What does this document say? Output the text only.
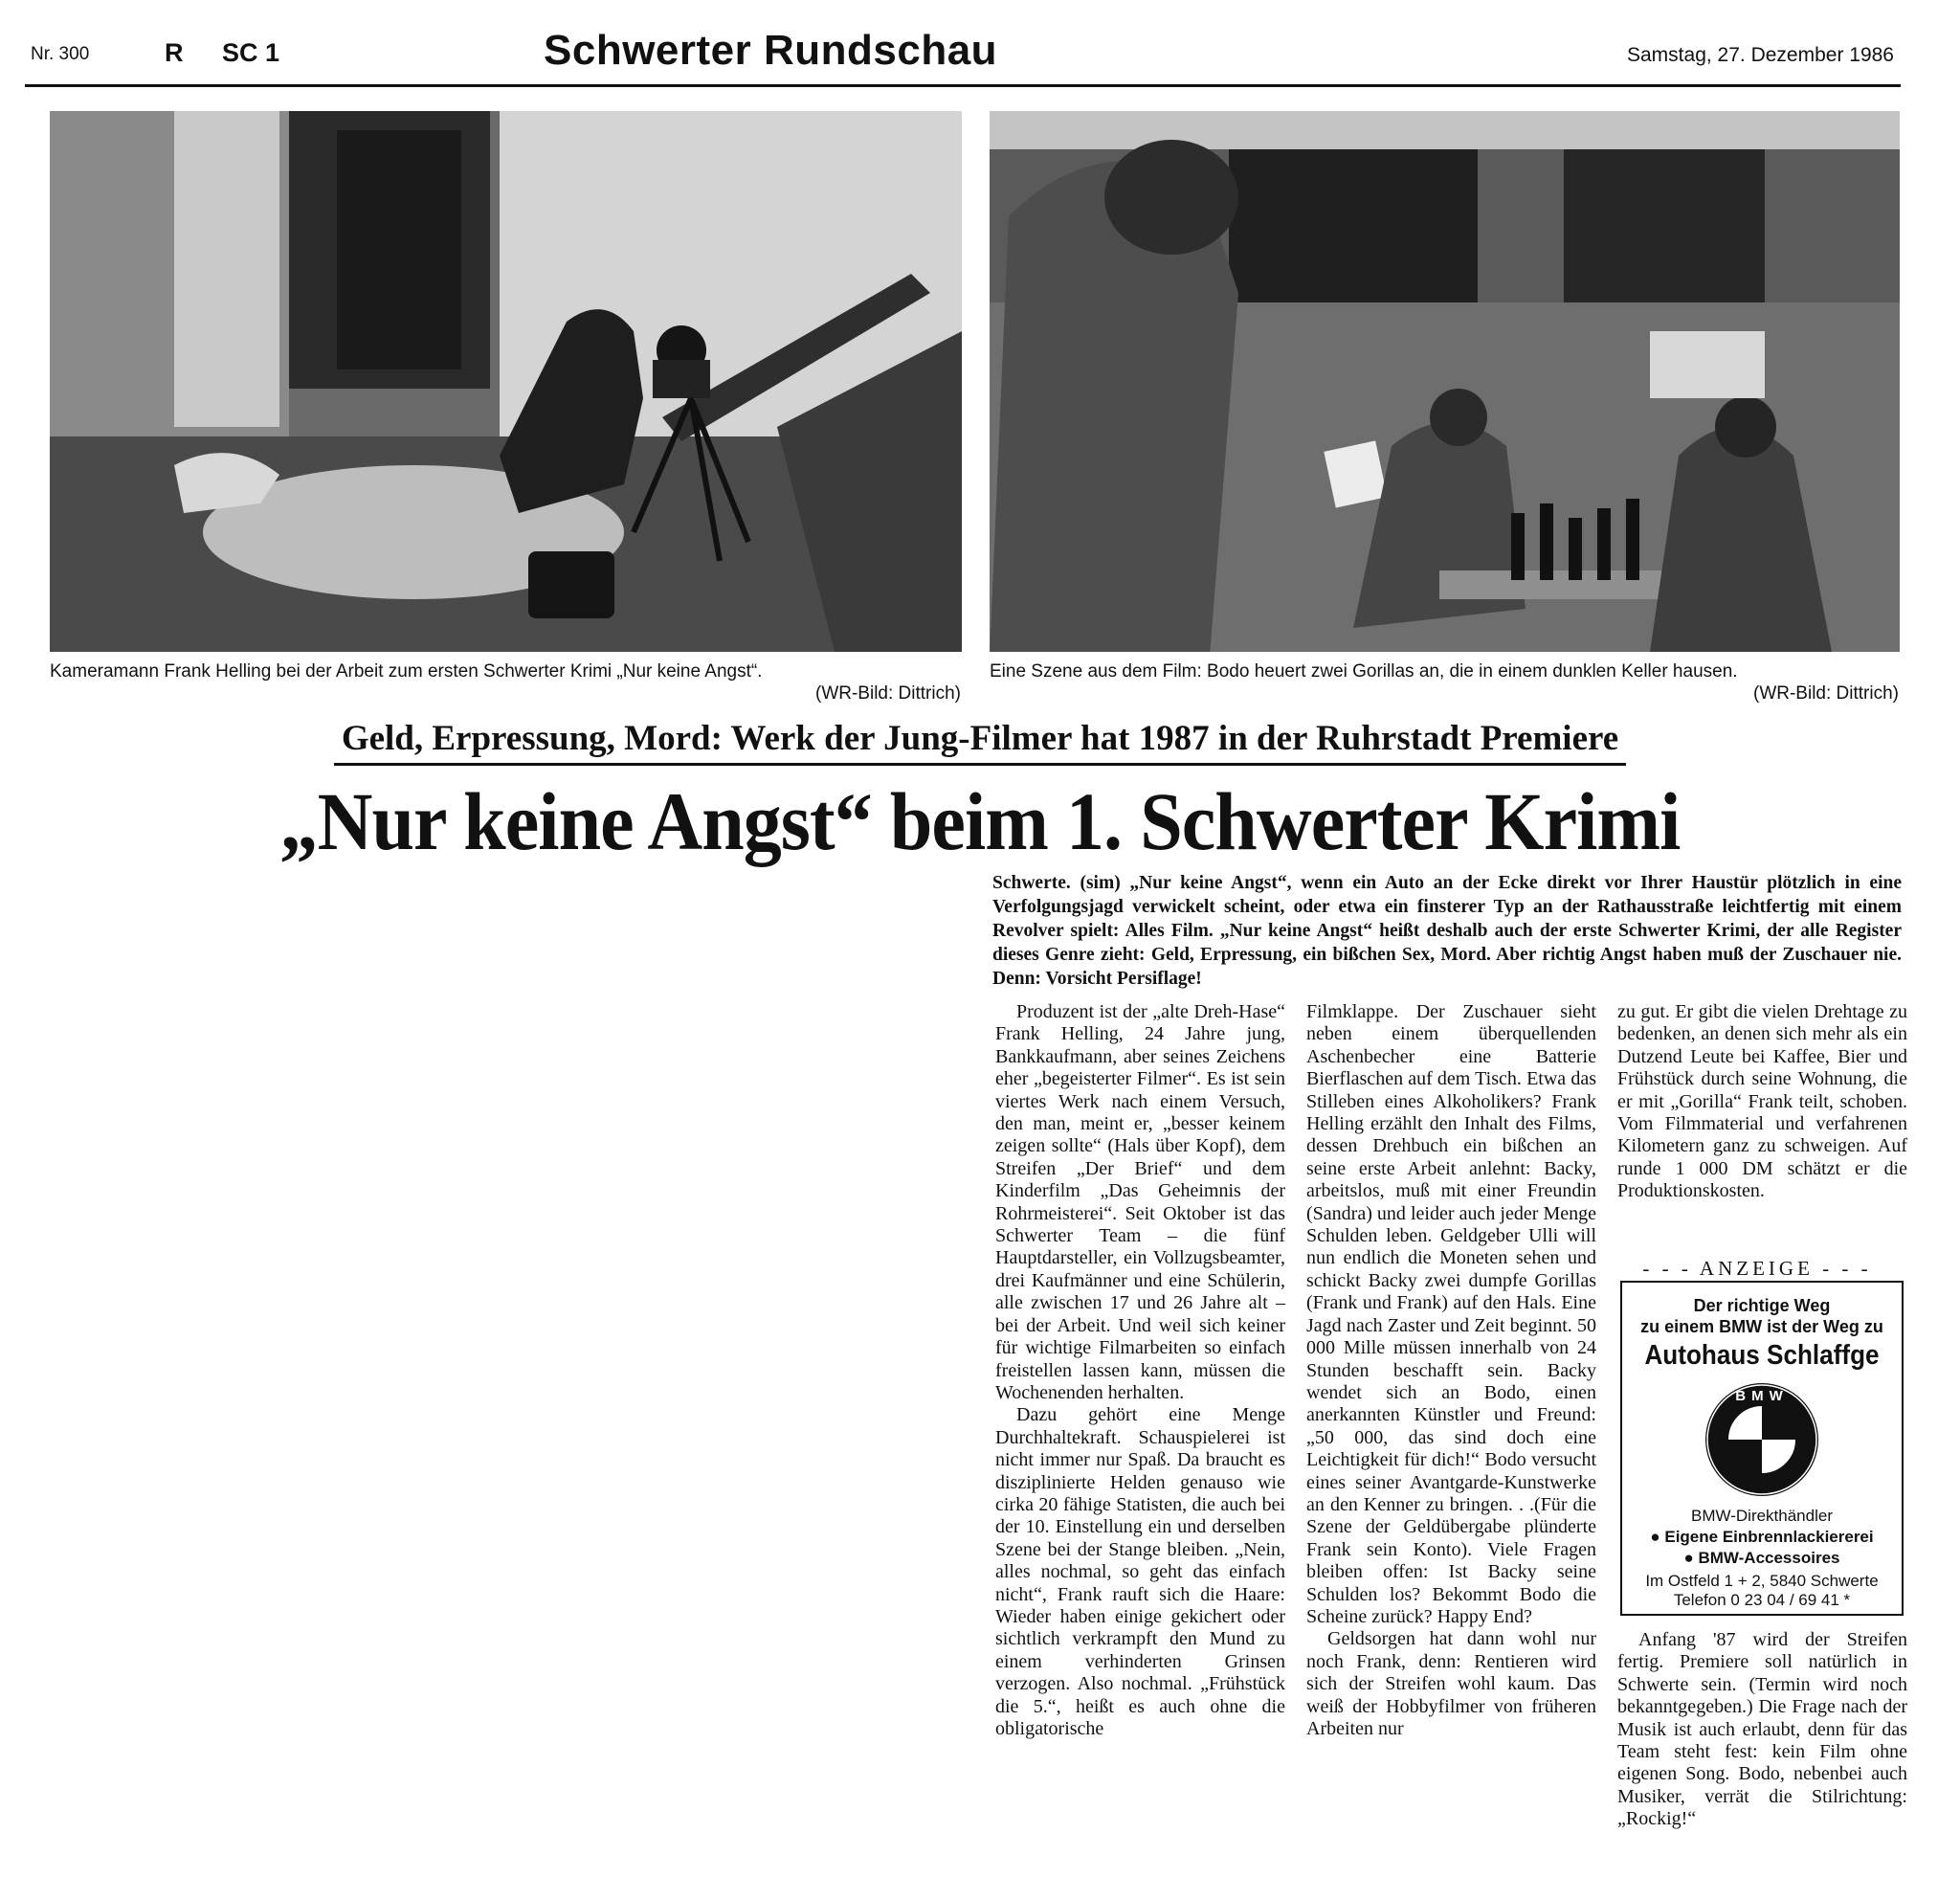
Nr. 300	R SC 1	Schwerter Rundschau	Samstag, 27. Dezember 1986
Kameramann Frank Helling bei der Arbeit zum ersten Schwerter Krimi „Nur keine Angst“.
(WR-Bild: Dittrich)
Eine Szene aus dem Film: Bodo heuert zwei Gorillas an, die in einem dunklen Keller hausen.
(WR-Bild: Dittrich)
Geld, Erpressung, Mord: Werk der Jung-Filmer hat 1987 in der Ruhrstadt Premiere
„Nur keine Angst“ beim 1. Schwerter Krimi
Schwerte. (sim) „Nur keine Angst“, wenn ein Auto an der Ecke direkt vor Ihrer Haustür plötzlich in eine Verfolgungsjagd verwickelt scheint, oder etwa ein finsterer Typ an der Rathausstraße leichtfertig mit einem Revolver spielt: Alles Film. „Nur keine Angst“ heißt deshalb auch der erste Schwerter Krimi, der alle Register dieses Genre zieht: Geld, Erpressung, ein bißchen Sex, Mord. Aber richtig Angst haben muß der Zuschauer nie. Denn: Vorsicht Persiflage!

Produzent ist der „alte Dreh-Hase“ Frank Helling, 24 Jahre jung, Bankkaufmann, aber seines Zeichens eher „begeisterter Filmer“. Es ist sein viertes Werk nach einem Versuch, den man, meint er, „besser keinem zeigen sollte“ (Hals über Kopf), dem Streifen „Der Brief“ und dem Kinderfilm „Das Geheimnis der Rohrmeisterei“. Seit Oktober ist das Schwerter Team – die fünf Hauptdarsteller, ein Vollzugsbeamter, drei Kaufmänner und eine Schülerin, alle zwischen 17 und 26 Jahre alt – bei der Arbeit. Und weil sich keiner für wichtige Filmarbeiten so einfach freistellen lassen kann, müssen die Wochenenden herhalten.

Dazu gehört eine Menge Durchhaltekraft. Schauspielerei ist nicht immer nur Spaß. Da braucht es disziplinierte Helden genauso wie cirka 20 fähige Statisten, die auch bei der 10. Einstellung ein und derselben Szene bei der Stange bleiben. „Nein, alles nochmal, so geht das einfach nicht“, Frank rauft sich die Haare: Wieder haben einige gekichert oder sichtlich verkrampft den Mund zu einem verhinderten Grinsen verzogen. Also nochmal. „Frühstück die 5.“, heißt es auch ohne die obligatorische

Filmklappe. Der Zuschauer sieht neben einem überquellenden Aschenbecher eine Batterie Bierflaschen auf dem Tisch. Etwa das Stilleben eines Alkoholikers? Frank Helling erzählt den Inhalt des Films, dessen Drehbuch ein bißchen an seine erste Arbeit anlehnt: Backy, arbeitslos, muß mit einer Freundin (Sandra) und leider auch jeder Menge Schulden leben. Geldgeber Ulli will nun endlich die Moneten sehen und schickt Backy zwei dumpfe Gorillas (Frank und Frank) auf den Hals. Eine Jagd nach Zaster und Zeit beginnt. 50 000 Mille müssen innerhalb von 24 Stunden beschafft sein. Backy wendet sich an Bodo, einen anerkannten Künstler und Freund: „50 000, das sind doch eine Leichtigkeit für dich!“ Bodo versucht eines seiner Avantgarde-Kunstwerke an den Kenner zu bringen. . .(Für die Szene der Geldübergabe plünderte Frank sein Konto). Viele Fragen bleiben offen: Ist Backy seine Schulden los? Bekommt Bodo die Scheine zurück? Happy End?

Geldsorgen hat dann wohl nur noch Frank, denn: Rentieren wird sich der Streifen wohl kaum. Das weiß der Hobbyfilmer von früheren Arbeiten nur

zu gut. Er gibt die vielen Drehtage zu bedenken, an denen sich mehr als ein Dutzend Leute bei Kaffee, Bier und Frühstück durch seine Wohnung, die er mit „Gorilla“ Frank teilt, schoben. Vom Filmmaterial und verfahrenen Kilometern ganz zu schweigen. Auf runde 1 000 DM schätzt er die Produktionskosten.

- - - ANZEIGE - - -
Der richtige Weg
zu einem BMW ist der Weg zu
Autohaus Schlaffge
BMW
BMW-Direkthändler
● Eigene Einbrennlackiererei
● BMW-Accessoires
Im Ostfeld 1 + 2, 5840 Schwerte
Telefon 0 23 04 / 69 41 *

Anfang '87 wird der Streifen fertig. Premiere soll natürlich in Schwerte sein. (Termin wird noch bekanntgegeben.) Die Frage nach der Musik ist auch erlaubt, denn für das Team steht fest: kein Film ohne eigenen Song. Bodo, nebenbei auch Musiker, verrät die Stilrichtung: „Rockig!“
